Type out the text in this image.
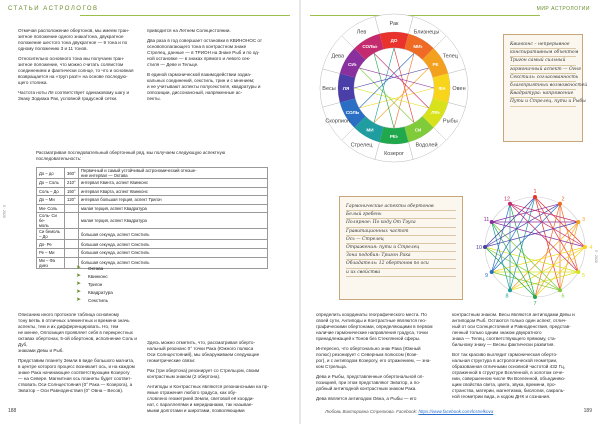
СТАТЬИ АСТРОЛОГОВ	МИР АСТРОЛОГИИ
5 · 2020

Отмечая расположение обертонов, мы имеем тран-
зитное положение одного знака/тона, двукратное
положение шестого тона двукратное — 9 тона и по
одному положению 3 и 11 тонов.

Относительно основного тона мы получаем тран-
зитное положение, что можно считать соляистом
соединением и фактически солнце, то что и основная
возвращается на «труп раз!!» на основе последую-
щего столика.

Частота ноты Ля соответствует одинаковому шагу и
Знаку Зодиака Рак, условной градусной сетки.

приводится на Летнем Солнцестоянии.

Два раза в год совершает остановки в КВИНОНОС от
основополагающего тона в контрастном знаке
Стрелец, данные — в ТРИОН на Знаке Рыб и по од-
ной остановке — в знаках прямого и левого сек-
стиля — Деве и Тельце.

В единой гармонической взаимодействии зодиа-
кальных соединений, секстиль, трин и с мнением;
и не учитывают аспекты полусекстиля, квадратуры и
оппозиции, диссонансный, напряженные ас-
пекты.

Рассматривая последовательный обертонный ряд, мы получаем следующую аспектную
последовательность:
До – до	360°	Первичный и самый устойчивый астрономический отноше-
ние интервал — Октава
До – Соль	210°	интервал Квинта, аспект Квинконс
Соль – До	150°	интервал Кварта, аспект Квинконс
До – Ми	120°	интервал большая терция, аспект Тригон
Ми- Соль		малая терция, аспект Квадратура
Соль- Си бе-
моль		малая терция, аспект Квадратура
Си бемоль – До		большая секунда, аспект Секстиль
До- Ре		большая секунда, аспект Секстиль
Ре – Ми		большая секунда, аспект Секстиль
Ми – Фа диез		большая секунда, аспект Секстиль
➤ Октава
➤ Квинконс
➤ Тригон
➤ Квадратура
➤ Секстиль

Описанию иного протоколе таблица основному
тону ветвь в отличных элементных и времени значь
аспекты, тем и их дифференцировать. Но, тем
не менее, Оппозиция проявляет себя в перекрестных
октавах обертонах, 5-ой обертонов, исполнение Соль и Дуб,
знаками Девы и Рыб.

Представим планету Земли в виде большого магнита,
в центре которого процесс возникает ось, и на каждом
знаке Рака начинающее соответствующим Козерогу
— на Севере. Магнитная ось планеты будет соответ-
ствовать Оси Солнцестояния (0° Рака — Козерога), а
Экватор – Оси Равноденствия (0° Овна – Весов).

Здесь можно отметить, что, рассматривая оберто-
нальный резонанс 0° точки Рака (Южного полюса
Оси Солнцестояний), мы обнаруживаем следующие
геометрические связи:

Рак (три обертона) резонирует со Стрельцом, своим
контрастным знаком (2 обертона).

Антиподы и Контрастных являются резонансными на пр-
ямые отражения любого градуса, как обу-
словлено геометрией Земли, световой её коорди-
нат, с параллелями и меридианами, так называе-
мыми долготами и широтами, позволяющими

188
Рак
ДО
Близнецы
МИ♭
Телец
РЕ
Овен
ФА
Рыбы
ЛЯ♭
Водолей
СИ
Козерог
РЕ♭
Стрелец
МИ
Скорпион
СОЛЬ
Весы ЛЯ
Дева
СИ♭
Лев
СОЛЬ♭	Квинконс – непрерывное
конспиративным объектом
Тригон самый сильный
гармоничный аспект — Огня
Секстиль: согласованность
благоприятных возможностей
Квадратура: напряжение
Пути и Стрелец, пути и Рыбы
Гармонические аспекты обертонов
Белый гребень
Полярное: По коду От Тэуса
Гравитационных частот
Ось — Стрелец
Отражения: пути и Стрелец
Зона подобия: Тригон Рака
Обладатель: 12 обертонов по оси
и их свойства
1
2
3
4
5
6
7
8
9
10
11
12

определить координаты географического места. По
своей сути, Антиподы и Контрастные являются гео-
графическими обертонами, определяющими в первом
наличие гармонические направления градуса, точки
принадлежащей к Тонов без Стеклянной сферы.

Интересно, что обертонально знак Рака (Южный
полюс) резонирует с Северным полюсом (Козе-
рог), и с антиподом Козерогу, его отражением, — зна-
ком Стрельца.

Дева и Рыбы, представленные обертональной оп-
позицией, при этом представляют Экватор, а по-
добный антиподной контрастным знаком Рака.

Дева является антиподом Овна, а Рыбы — его

контрастным знаком. Весы являются антиподами Девы и
антиподом Рыб. Остаются только один аспект, отлич-
ный от оси Солнцестояния и Равноденствия, представ-
ленный только одним знаком двукратного
знака — Телец, соответствующего прямому, ста-
бильному знаку — Весны фактически развития.

Вот так красиво выглядит гармоническая оберто-
нальная структура в астрологической геометрии,
образованная отличными основной частотой 432 Гц,
отраженной в структуре Вселенной, в золотом сече-
нии, совершенном числе Фи Вселенной, объединяю-
щим свойства света, цвета, звука, времени, про-
странства, материи, магнетизма, биологии, сакраль-
ной геометрии вида, и кодом ДНК и сознания.

Любовь Викторовна Стрелкова. Facebook: https://www.facebook.com/lcstrelkova	189
5 · 2020
